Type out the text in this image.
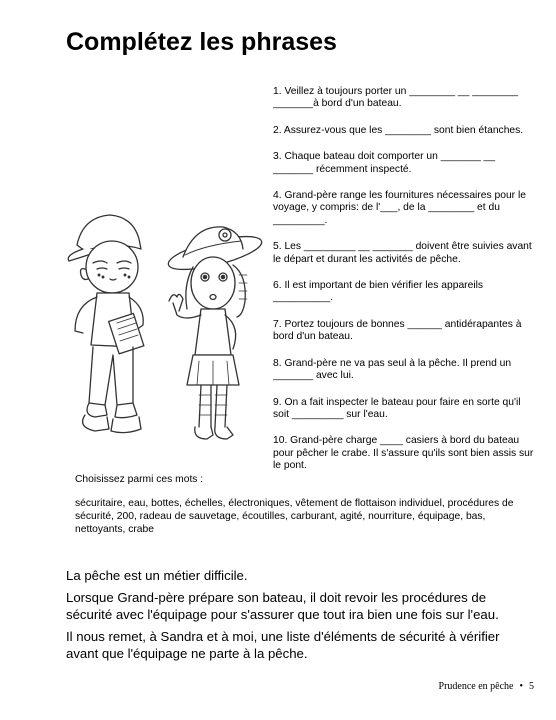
Complétez les phrases

1. Veillez à toujours porter un ________ __ ________ _______à bord d'un bateau.

2. Assurez-vous que les ________ sont bien étanches.

3. Chaque bateau doit comporter un _______ __ _______ récemment inspecté.

4. Grand-père range les fournitures nécessaires pour le voyage, y compris: de l'___, de la ________ et du _________.

5. Les _________ __ _______ doivent être suivies avant le départ et durant les activités de pêche.

6. Il est important de bien vérifier les appareils __________.

7. Portez toujours de bonnes ______ antidérapantes à bord d'un bateau.

8. Grand-père ne va pas seul à la pêche. Il prend un _______ avec lui.

9. On a fait inspecter le bateau pour faire en sorte qu'il soit _________ sur l'eau.

10. Grand-père charge ____ casiers à bord du bateau pour pêcher le crabe. Il s'assure qu'ils sont bien assis sur le pont.

Choisissez parmi ces mots :
sécuritaire, eau, bottes, échelles, électroniques, vêtement de flottaison individuel, procédures de sécurité, 200, radeau de sauvetage, écoutilles, carburant, agité, nourriture, équipage, bas, nettoyants, crabe

La pêche est un métier difficile.

Lorsque Grand-père prépare son bateau, il doit revoir les procédures de sécurité avec l'équipage pour s'assurer que tout ira bien une fois sur l'eau.

Il nous remet, à Sandra et à moi, une liste d'éléments de sécurité à vérifier avant que l'équipage ne parte à la pêche.

Prudence en pêche • 5
